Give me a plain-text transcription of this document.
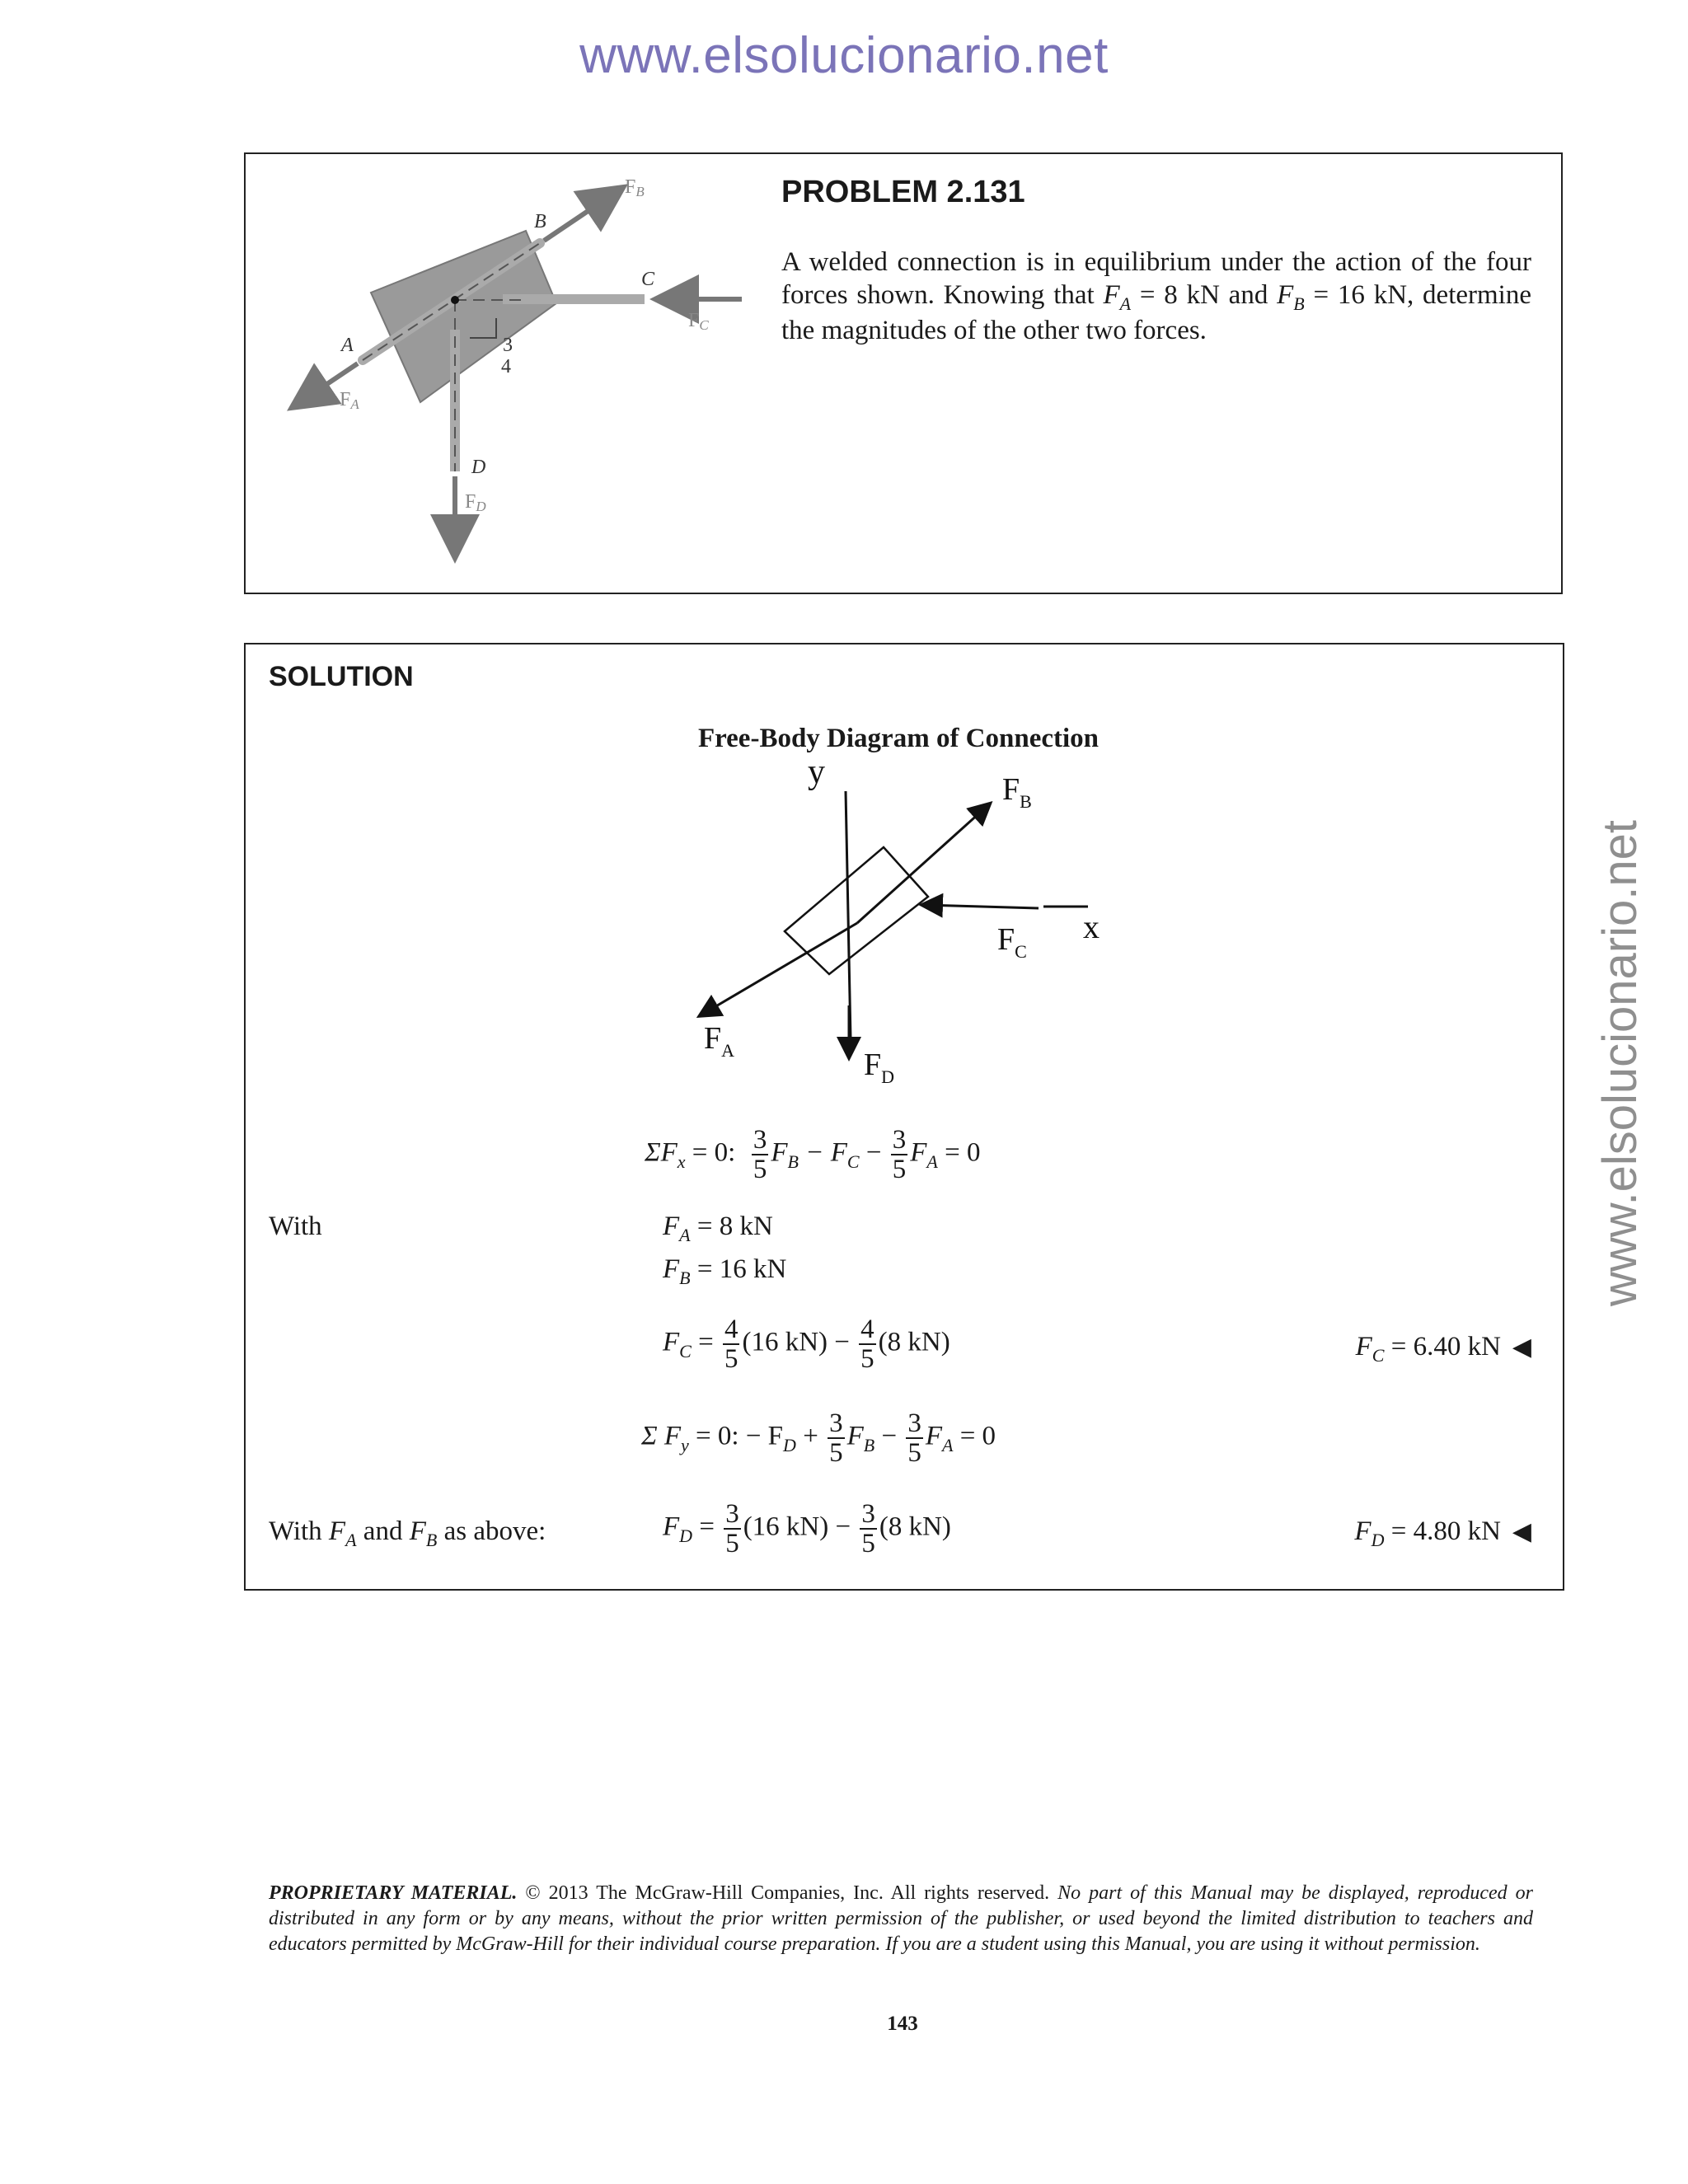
www.elsolucionario.net
www.elsolucionario.net
3
4
B
C
A
D
FB
FC
FA
FD
PROBLEM 2.131
A welded connection is in equilibrium under the action of the four forces shown. Knowing that $F_A = 8$ kN and $F_B = 16$ kN, determine the magnitudes of the other two forces.
SOLUTION
Free-Body Diagram of Connection
y
x
$F_B$
$F_C$
$F_A$	$F_D$
$\Sigma F_x = 0$: $\frac{3}{5} F_B - F_C - \frac{3}{5} F_A = 0$
With	$F_A = 8$ kN
$F_B = 16$ kN
$F_C = \frac{4}{5} (16$ $kN) - \frac{4}{5} (8$ kN)	$F_C = 6.40$ kN ◀
Σ $F_y = 0$: − $F_D + \frac{3}{5} F_B - \frac{3}{5} F_A = 0$
With $F_A$ and $F_B$ as above:	$F_D = \frac{3}{5} (16$ $kN) - \frac{3}{5} (8$ kN)	$F_D = 4.80$ kN ◀
PROPRIETARY MATERIAL. © 2013 The McGraw-Hill Companies, Inc. All rights reserved. No part of this Manual may be displayed, reproduced or distributed in any form or by any means, without the prior written permission of the publisher, or used beyond the limited distribution to teachers and educators permitted by McGraw-Hill for their individual course preparation. If you are a student using this Manual, you are using it without permission.
143
